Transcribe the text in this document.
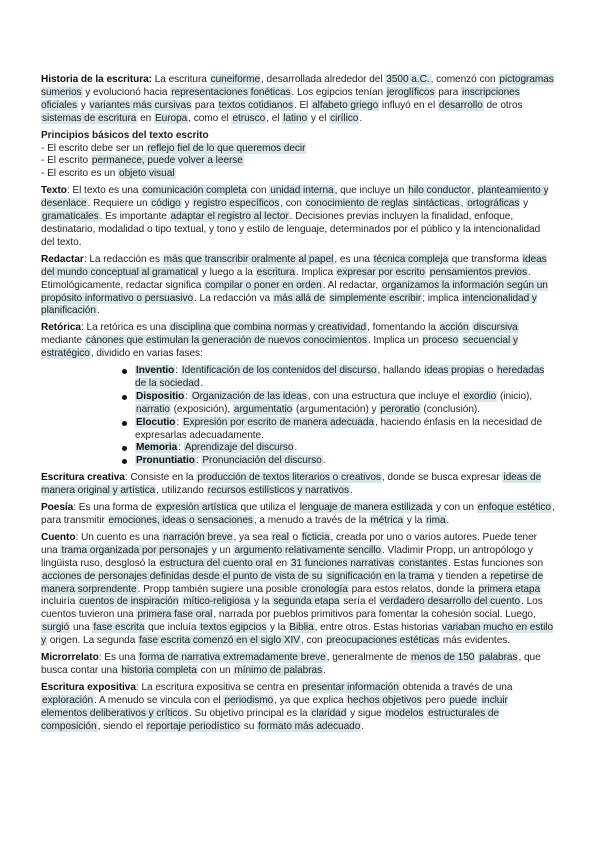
Historia de la escritura: La escritura cuneiforme, desarrollada alrededor del 3500 a.C., comenzó con pictogramas sumerios y evolucionó hacia representaciones fonéticas. Los egipcios tenían jeroglíficos para inscripciones oficiales y variantes más cursivas para textos cotidianos. El alfabeto griego influyó en el desarrollo de otros sistemas de escritura en Europa, como el etrusco, el latino y el cirílico.

Principios básicos del texto escrito

- El escrito debe ser un reflejo fiel de lo que queremos decir
- El escrito permanece, puede volver a leerse
- El escrito es un objeto visual

Texto: El texto es una comunicación completa con unidad interna, que incluye un hilo conductor, planteamiento y desenlace. Requiere un código y registro específicos, con conocimiento de reglas sintácticas, ortográficas y gramaticales. Es importante adaptar el registro al lector. Decisiones previas incluyen la finalidad, enfoque, destinatario, modalidad o tipo textual, y tono y estilo de lenguaje, determinados por el público y la intencionalidad del texto.

Redactar: La redacción es más que transcribir oralmente al papel, es una técnica compleja que transforma ideas del mundo conceptual al gramatical y luego a la escritura. Implica expresar por escrito pensamientos previos. Etimológicamente, redactar significa compilar o poner en orden. Al redactar, organizamos la información según un propósito informativo o persuasivo. La redacción va más allá de simplemente escribir; implica intencionalidad y planificación.

Retórica: La retórica es una disciplina que combina normas y creatividad, fomentando la acción discursiva mediante cánones que estimulan la generación de nuevos conocimientos. Implica un proceso secuencial y estratégico, dividido en varias fases:

Inventio: Identificación de los contenidos del discurso, hallando ideas propias o heredadas de la sociedad.
Dispositio: Organización de las ideas, con una estructura que incluye el exordio (inicio), narratio (exposición), argumentatio (argumentación) y peroratio (conclusión).
Elocutio: Expresión por escrito de manera adecuada, haciendo énfasis en la necesidad de expresarlas adecuadamente.
Memoria: Aprendizaje del discurso.
Pronuntiatio: Pronunciación del discurso.

Escritura creativa: Consiste en la producción de textos literarios o creativos, donde se busca expresar ideas de manera original y artística, utilizando recursos estilísticos y narrativos.

Poesía: Es una forma de expresión artística que utiliza el lenguaje de manera estilizada y con un enfoque estético, para transmitir emociones, ideas o sensaciones, a menudo a través de la métrica y la rima.

Cuento: Un cuento es una narración breve, ya sea real o ficticia, creada por uno o varios autores. Puede tener una trama organizada por personajes y un argumento relativamente sencillo. Vladimir Propp, un antropólogo y lingüista ruso, desglosó la estructura del cuento oral en 31 funciones narrativas constantes. Estas funciones son acciones de personajes definidas desde el punto de vista de su significación en la trama y tienden a repetirse de manera sorprendente. Propp también sugiere una posible cronología para estos relatos, donde la primera etapa incluiría cuentos de inspiración mítico-religiosa y la segunda etapa sería el verdadero desarrollo del cuento. Los cuentos tuvieron una primera fase oral, narrada por pueblos primitivos para fomentar la cohesión social. Luego, surgió una fase escrita que incluía textos egipcios y la Biblia, entre otros. Estas historias variaban mucho en estilo y origen. La segunda fase escrita comenzó en el siglo XIV, con preocupaciones estéticas más evidentes.

Microrrelato: Es una forma de narrativa extremadamente breve, generalmente de menos de 150 palabras, que busca contar una historia completa con un mínimo de palabras.

Escritura expositiva: La escritura expositiva se centra en presentar información obtenida a través de una exploración. A menudo se vincula con el periodismo, ya que explica hechos objetivos pero puede incluir elementos deliberativos y críticos. Su objetivo principal es la claridad y sigue modelos estructurales de composición, siendo el reportaje periodístico su formato más adecuado.
